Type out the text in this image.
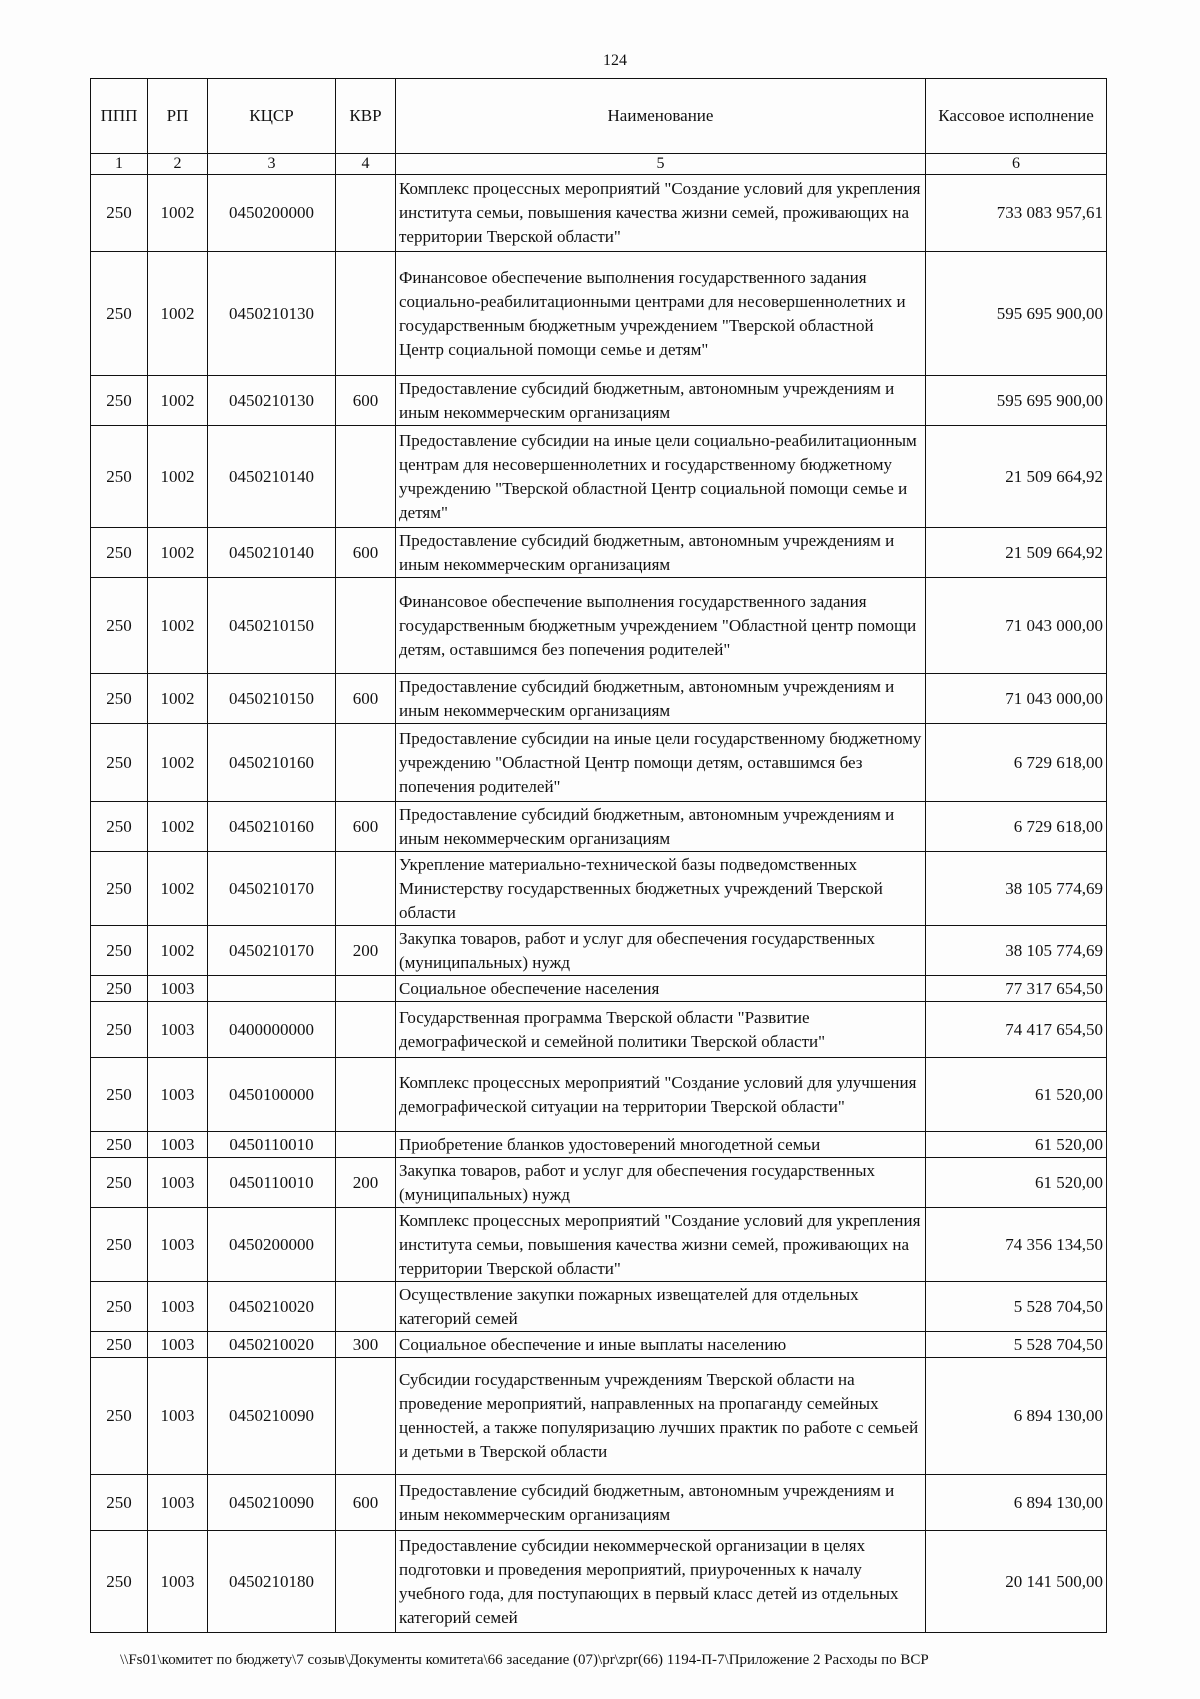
124
ППП	РП	КЦСР	КВР	Наименование	Кассовое исполнение
1	2	3	4	5	6
250	1002	0450200000		Комплекс процессных мероприятий "Создание условий для укрепления института семьи, повышения качества жизни семей, проживающих на территории Тверской области"	733 083 957,61
250	1002	0450210130		Финансовое обеспечение выполнения государственного задания социально-реабилитационными центрами для несовершеннолетних и государственным бюджетным учреждением "Тверской областной Центр социальной помощи семье и детям"	595 695 900,00
250	1002	0450210130	600	Предоставление субсидий бюджетным, автономным учреждениям и иным некоммерческим организациям	595 695 900,00
250	1002	0450210140		Предоставление субсидии на иные цели социально-реабилитационным центрам для несовершеннолетних и государственному бюджетному учреждению "Тверской областной Центр социальной помощи семье и детям"	21 509 664,92
250	1002	0450210140	600	Предоставление субсидий бюджетным, автономным учреждениям и иным некоммерческим организациям	21 509 664,92
250	1002	0450210150		Финансовое обеспечение выполнения государственного задания государственным бюджетным учреждением "Областной центр помощи детям, оставшимся без попечения родителей"	71 043 000,00
250	1002	0450210150	600	Предоставление субсидий бюджетным, автономным учреждениям и иным некоммерческим организациям	71 043 000,00
250	1002	0450210160		Предоставление субсидии на иные цели государственному бюджетному учреждению "Областной Центр помощи детям, оставшимся без попечения родителей"	6 729 618,00
250	1002	0450210160	600	Предоставление субсидий бюджетным, автономным учреждениям и иным некоммерческим организациям	6 729 618,00
250	1002	0450210170		Укрепление материально-технической базы подведомственных Министерству государственных бюджетных учреждений Тверской области	38 105 774,69
250	1002	0450210170	200	Закупка товаров, работ и услуг для обеспечения государственных (муниципальных) нужд	38 105 774,69
250	1003			Социальное обеспечение населения	77 317 654,50
250	1003	0400000000		Государственная программа Тверской области "Развитие демографической и семейной политики Тверской области"	74 417 654,50
250	1003	0450100000		Комплекс процессных мероприятий "Создание условий для улучшения демографической ситуации на территории Тверской области"	61 520,00
250	1003	0450110010		Приобретение бланков удостоверений многодетной семьи	61 520,00
250	1003	0450110010	200	Закупка товаров, работ и услуг для обеспечения государственных (муниципальных) нужд	61 520,00
250	1003	0450200000		Комплекс процессных мероприятий "Создание условий для укрепления института семьи, повышения качества жизни семей, проживающих на территории Тверской области"	74 356 134,50
250	1003	0450210020		Осуществление закупки пожарных извещателей для отдельных категорий семей	5 528 704,50
250	1003	0450210020	300	Социальное обеспечение и иные выплаты населению	5 528 704,50
250	1003	0450210090		Субсидии государственным учреждениям Тверской области на проведение мероприятий, направленных на пропаганду семейных ценностей, а также популяризацию лучших практик по работе с семьей и детьми в Тверской области	6 894 130,00
250	1003	0450210090	600	Предоставление субсидий бюджетным, автономным учреждениям и иным некоммерческим организациям	6 894 130,00
250	1003	0450210180		Предоставление субсидии некоммерческой организации в целях подготовки и проведения мероприятий, приуроченных к началу учебного года, для поступающих в первый класс детей из отдельных категорий семей	20 141 500,00
\\Fs01\комитет по бюджету\7 созыв\Документы комитета\66 заседание (07)\pr\zpr(66) 1194-П-7\Приложение 2 Расходы по ВСР
